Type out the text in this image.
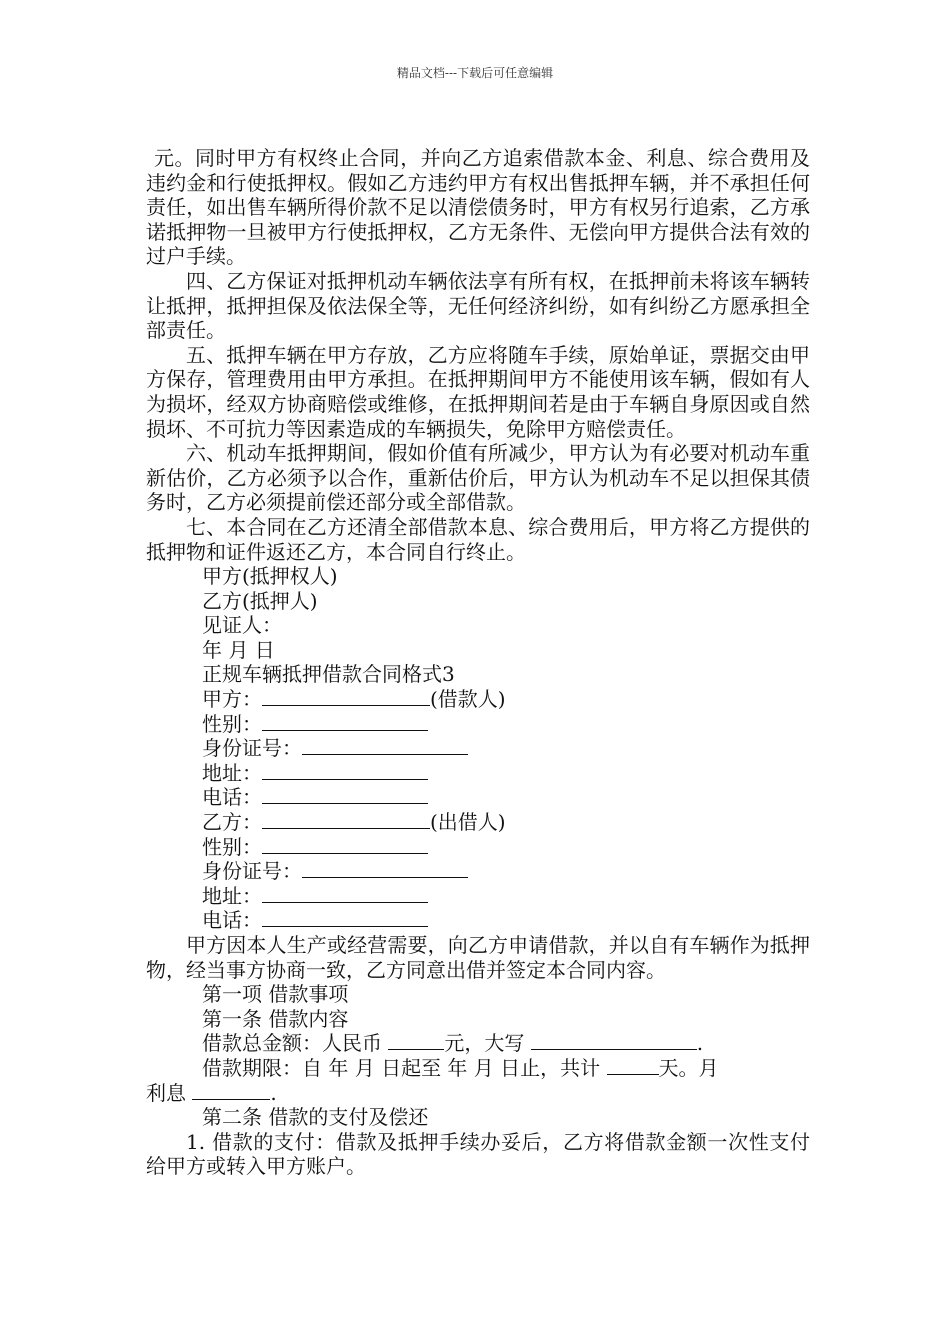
精品文档---下载后可任意编辑
元。同时甲方有权终止合同，并向乙方追索借款本金、利息、综合费用及违约金和行使抵押权。假如乙方违约甲方有权出售抵押车辆，并不承担任何责任，如出售车辆所得价款不足以清偿债务时，甲方有权另行追索，乙方承诺抵押物一旦被甲方行使抵押权，乙方无条件、无偿向甲方提供合法有效的过户手续。
四、乙方保证对抵押机动车辆依法享有所有权，在抵押前未将该车辆转让抵押，抵押担保及依法保全等，无任何经济纠纷，如有纠纷乙方愿承担全部责任。
五、抵押车辆在甲方存放，乙方应将随车手续，原始单证，票据交由甲方保存，管理费用由甲方承担。在抵押期间甲方不能使用该车辆，假如有人为损坏，经双方协商赔偿或维修，在抵押期间若是由于车辆自身原因或自然损坏、不可抗力等因素造成的车辆损失，免除甲方赔偿责任。
六、机动车抵押期间，假如价值有所减少，甲方认为有必要对机动车重新估价，乙方必须予以合作，重新估价后，甲方认为机动车不足以担保其债务时，乙方必须提前偿还部分或全部借款。
七、本合同在乙方还清全部借款本息、综合费用后，甲方将乙方提供的抵押物和证件返还乙方，本合同自行终止。
甲方(抵押权人)
乙方(抵押人)
见证人：
年 月 日
正规车辆抵押借款合同格式3
甲方：	(借款人)
性别：
身份证号：
地址：
电话：
乙方：	(出借人)
性别：
身份证号：
地址：
电话：
甲方因本人生产或经营需要，向乙方申请借款，并以自有车辆作为抵押物，经当事方协商一致，乙方同意出借并签定本合同内容。
第一项 借款事项
第一条 借款内容
借款总金额：人民币	元，大写	.
借款期限：自 年 月 日起至 年 月 日止，共计	天。月
利息	.
第二条 借款的支付及偿还
1. 借款的支付：借款及抵押手续办妥后，乙方将借款金额一次性支付给甲方或转入甲方账户。
